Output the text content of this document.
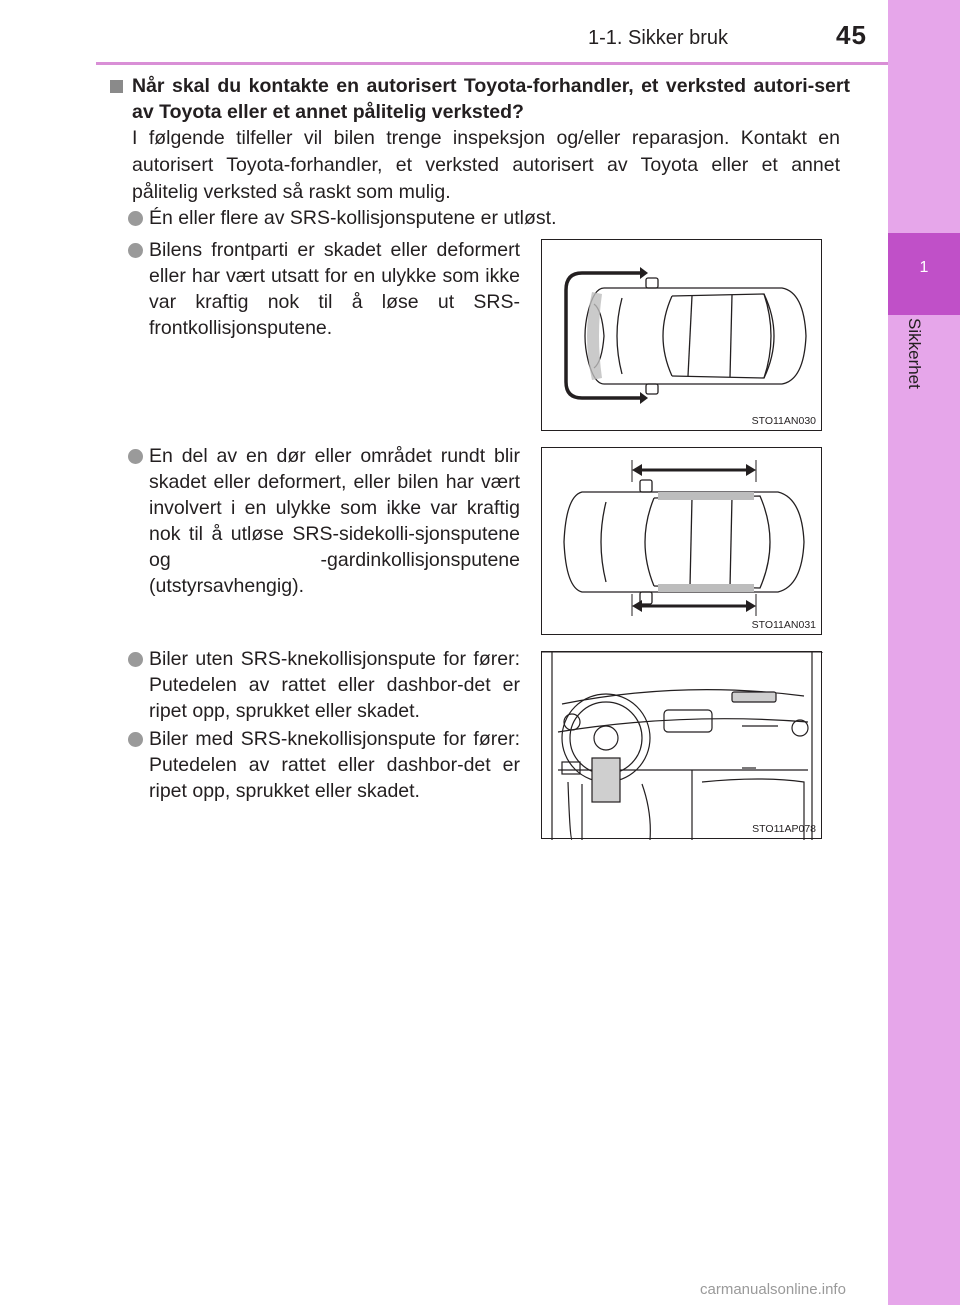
1-1. Sikker bruk	45
1
Sikkerhet
Når skal du kontakte en autorisert Toyota-forhandler, et verksted autori-sert av Toyota eller et annet pålitelig verksted?
I følgende tilfeller vil bilen trenge inspeksjon og/eller reparasjon. Kontakt en autorisert Toyota-forhandler, et verksted autorisert av Toyota eller et annet pålitelig verksted så raskt som mulig.
Én eller flere av SRS-kollisjonsputene er utløst.
Bilens frontparti er skadet eller deformert eller har vært utsatt for en ulykke som ikke var kraftig nok til å løse ut SRS-frontkollisjonsputene.
En del av en dør eller området rundt blir skadet eller deformert, eller bilen har vært involvert i en ulykke som ikke var kraftig nok til å utløse SRS-sidekolli-sjonsputene og -gardinkollisjonsputene (utstyrsavhengig).
Biler uten SRS-knekollisjonspute for fører: Putedelen av rattet eller dashbor-det er ripet opp, sprukket eller skadet.
Biler med SRS-knekollisjonspute for fører: Putedelen av rattet eller dashbor-det er ripet opp, sprukket eller skadet.
STO11AN030
STO11AN031
STO11AP078
carmanualsonline.info
